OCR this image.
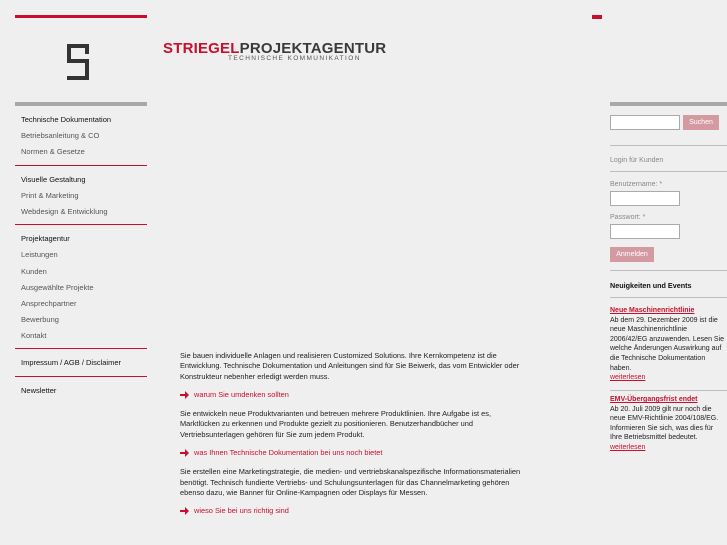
STRIEGELPROJEKTAGENTUR
TECHNISCHE KOMMUNIKATION
Technische Dokumentation
Betriebsanleitung & CO
Normen & Gesetze
Visuelle Gestaltung
Print & Marketing
Webdesign & Entwicklung
Projektagentur
Leistungen
Kunden
Ausgewählte Projekte
Ansprechpartner
Bewerbung
Kontakt
Impressum / AGB / Disclaimer
Newsletter

Sie bauen individuelle Anlagen und realisieren Customized Solutions. Ihre Kernkompetenz ist die Entwicklung. Technische Dokumentation und Anleitungen sind für Sie Beiwerk, das vom Entwickler oder Konstrukteur nebenher erledigt werden muss.

warum Sie umdenken sollten

Sie entwickeln neue Produktvarianten und betreuen mehrere Produktlinien. Ihre Aufgabe ist es, Marktlücken zu erkennen und Produkte gezielt zu positionieren. Benutzerhandbücher und Vertriebsunterlagen gehören für Sie zum jedem Produkt.

was Ihnen Technische Dokumentation bei uns noch bietet

Sie erstellen eine Marketingstrategie, die medien- und vertriebskanalspezifische Informationsmaterialien benötigt. Technisch fundierte Vertriebs- und Schulungsunterlagen für das Channelmarketing gehören ebenso dazu, wie Banner für Online-Kampagnen oder Displays für Messen.

wieso Sie bei uns richtig sind
Suchen
Login für Kunden
Benutzername: *
Passwort: *
Anmelden
Neuigkeiten und Events
Neue Maschinenrichtlinie
Ab dem 29. Dezember 2009 ist die neue Maschinenrichtlinie 2006/42/EG anzuwenden. Lesen Sie welche Änderungen Auswirkung auf die Technische Dokumentation haben.
weiterlesen
EMV-Übergangsfrist endet
Ab 20. Juli 2009 gilt nur noch die neue EMV-Richtlinie 2004/108/EG. Informieren Sie sich, was dies für Ihre Betriebsmittel bedeutet.
weiterlesen
